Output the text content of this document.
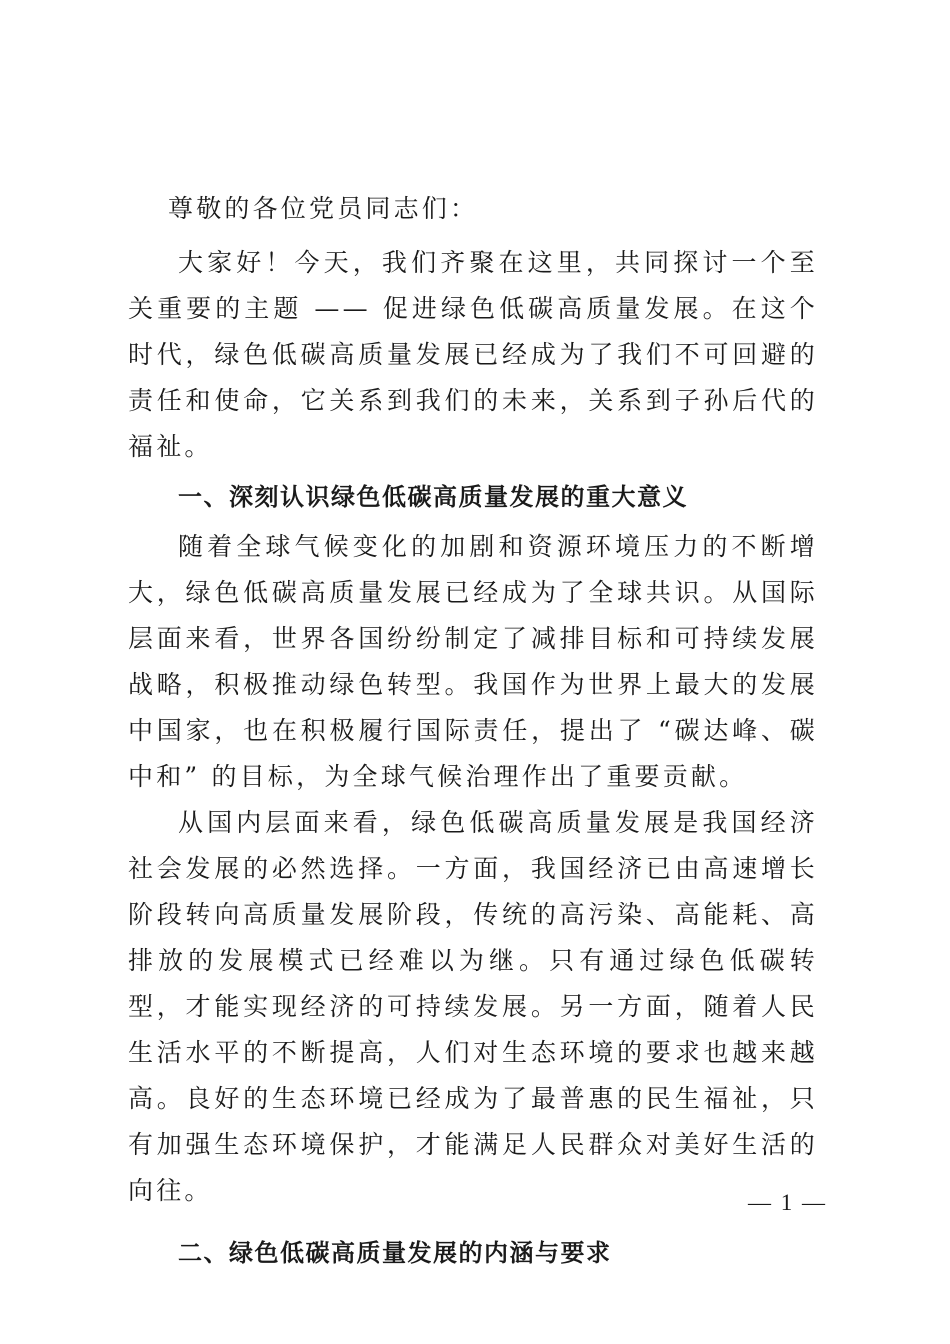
尊敬的各位党员同志们：

大家好！今天，我们齐聚在这里，共同探讨一个至关重要的主题 —— 促进绿色低碳高质量发展。在这个时代，绿色低碳高质量发展已经成为了我们不可回避的责任和使命，它关系到我们的未来，关系到子孙后代的福祉。

一、深刻认识绿色低碳高质量发展的重大意义

随着全球气候变化的加剧和资源环境压力的不断增大，绿色低碳高质量发展已经成为了全球共识。从国际层面来看，世界各国纷纷制定了减排目标和可持续发展战略，积极推动绿色转型。我国作为世界上最大的发展中国家，也在积极履行国际责任，提出了 “碳达峰、碳中和” 的目标，为全球气候治理作出了重要贡献。

从国内层面来看，绿色低碳高质量发展是我国经济社会发展的必然选择。一方面，我国经济已由高速增长阶段转向高质量发展阶段，传统的高污染、高能耗、高排放的发展模式已经难以为继。只有通过绿色低碳转型，才能实现经济的可持续发展。另一方面，随着人民生活水平的不断提高，人们对生态环境的要求也越来越高。良好的生态环境已经成为了最普惠的民生福祉，只有加强生态环境保护，才能满足人民群众对美好生活的向往。

二、绿色低碳高质量发展的内涵与要求

— 1 —
